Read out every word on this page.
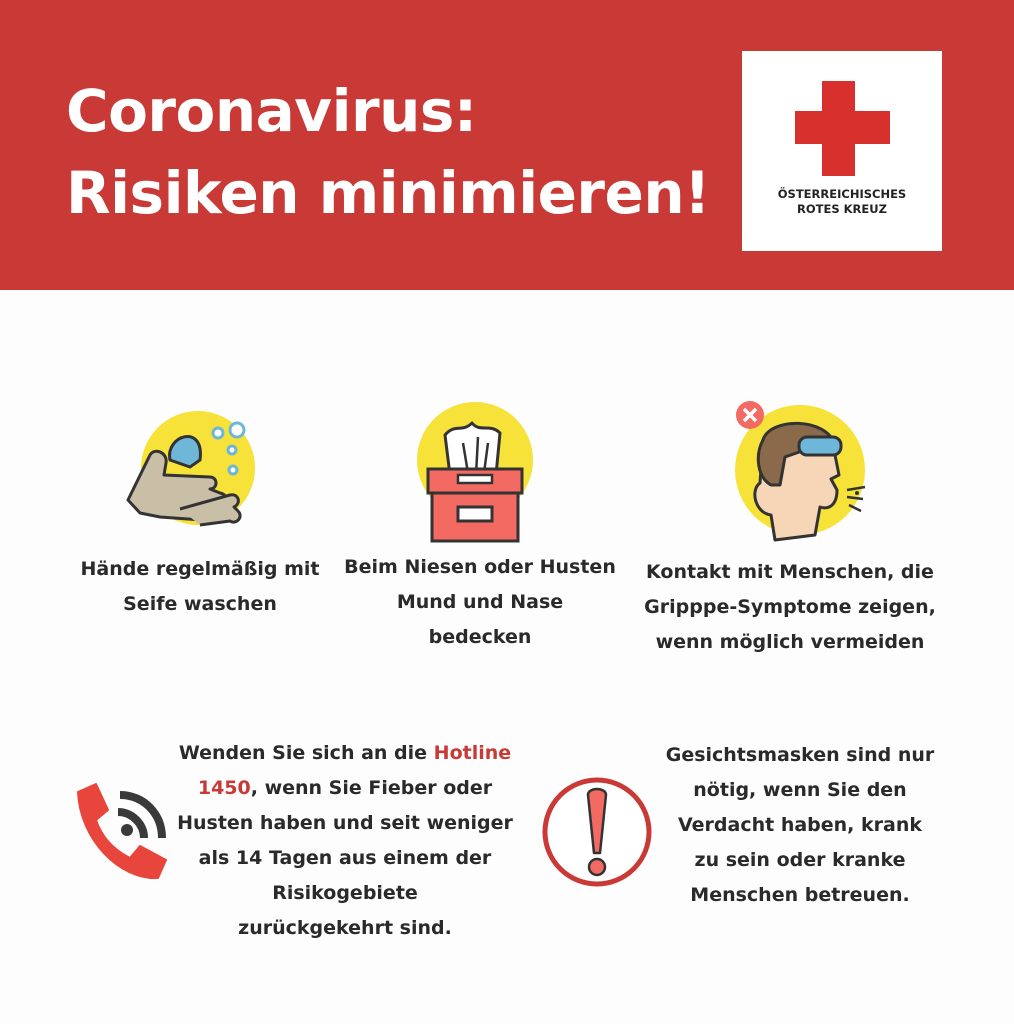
Coronavirus:
Risiken minimieren!	ÖSTERREICHISCHES
ROTES KREUZ
Hände regelmäßig mit
Seife waschen
Beim Niesen oder Husten
Mund und Nase
bedecken
Kontakt mit Menschen, die
Gripppe-Symptome zeigen,
wenn möglich vermeiden
Wenden Sie sich an die Hotline
1450, wenn Sie Fieber oder
Husten haben und seit weniger
als 14 Tagen aus einem der
Risikogebiete
zurückgekehrt sind.
Gesichtsmasken sind nur
nötig, wenn Sie den
Verdacht haben, krank
zu sein oder kranke
Menschen betreuen.
